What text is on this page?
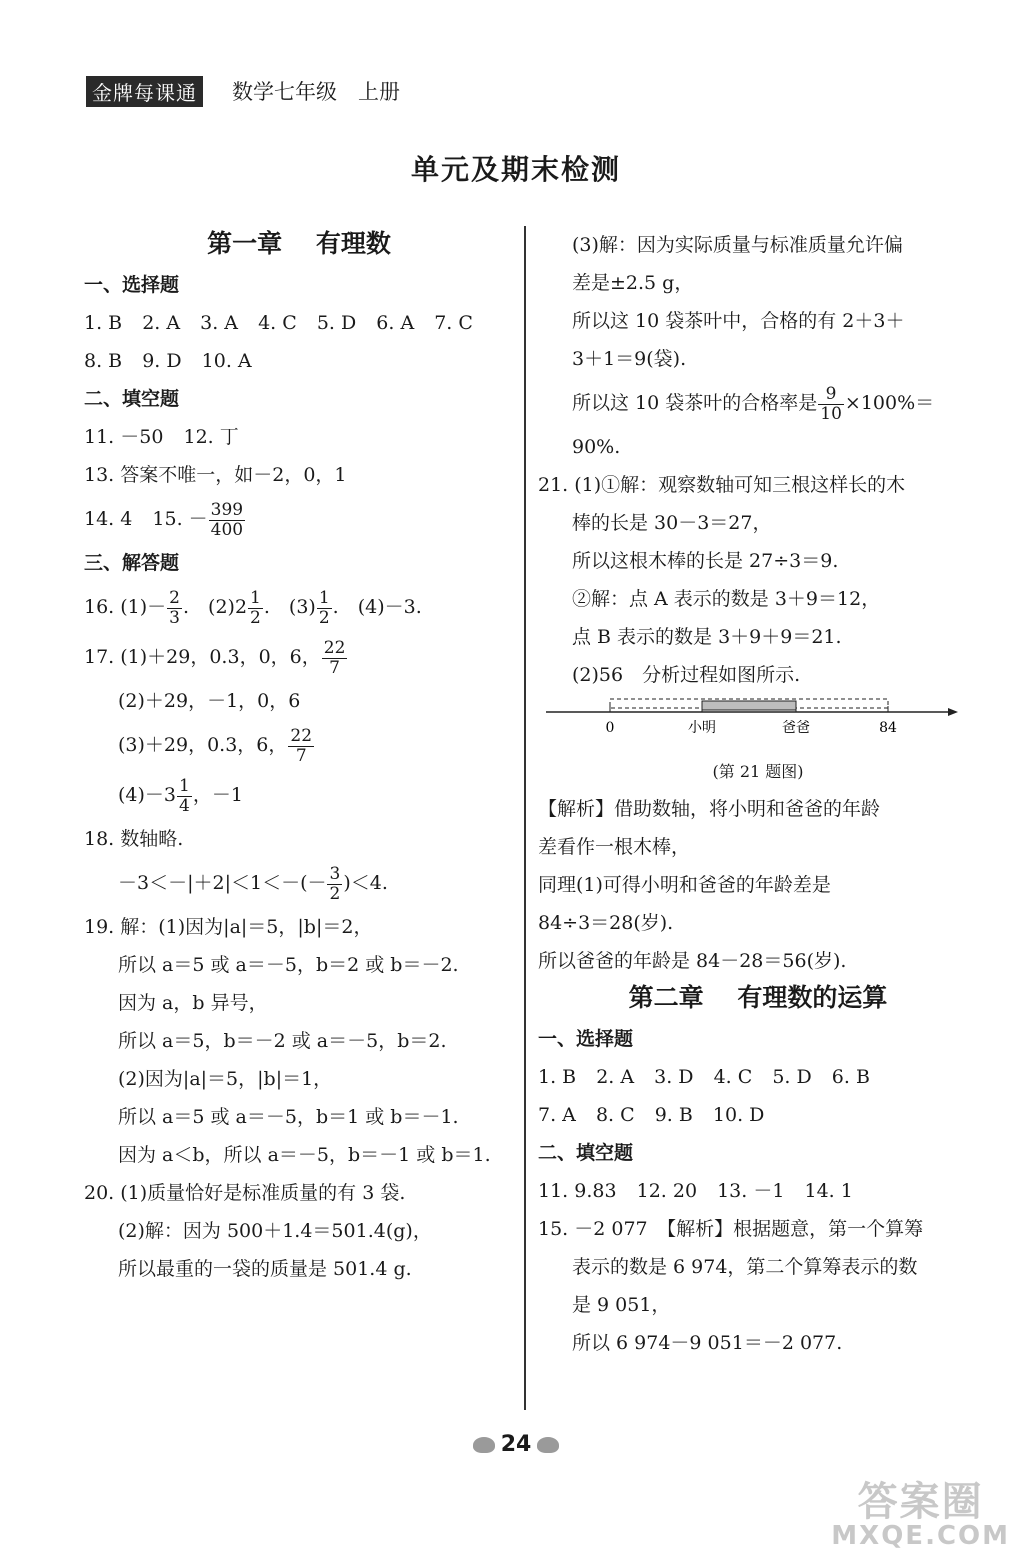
金牌每课通 数学七年级　上册
单元及期末检测
第一章　 有理数
一、选择题
1. B 2. A 3. A 4. C 5. D 6. A 7. C
8. B 9. D 10. A
二、填空题
11. －50 12. 丁
13. 答案不唯一，如－2，0，1
14. 4 15. － $\frac{399}{400}$
三、解答题
16. $(1)- \frac{2}{3}$ .　$(2)2 \frac{1}{2}$ .　$(3) \frac{1}{2}$ .　(4)－3.
17. (1)＋29，0.3，0，6， $\frac{22}{7}$
(2)＋29，－1，0，6
(3)＋29，0.3，6， $\frac{22}{7}$
$(4)-3 \frac{1}{4}$ ，－1
18. 数轴略.
$-3<-|+2|<1<-(- \frac{3}{2} )<4$.
19. 解：(1)因为|a|＝5，|b|＝2，
所以 a＝5 或 a＝－5，b＝2 或 b＝－2.
因为 a，b 异号，
所以 a＝5，b＝－2 或 a＝－5，b＝2.
(2)因为|a|＝5，|b|＝1，
所以 a＝5 或 a＝－5，b＝1 或 b＝－1.
因为 a＜b，所以 a＝－5，b＝－1 或 b＝1.
20. (1)质量恰好是标准质量的有 3 袋.
(2)解：因为 500＋1.4＝501.4(g)，
所以最重的一袋的质量是 501.4 g.
(3)解：因为实际质量与标准质量允许偏
差是±2.5 g，
所以这 10 袋茶叶中，合格的有 2＋3＋
3＋1＝9(袋).
所以这 10 袋茶叶的合格率是 $\frac{9}{10} \times 100\%=$
90%.
21. (1)①解：观察数轴可知三根这样长的木
棒的长是 30－3＝27，
所以这根木棒的长是 27÷3＝9.
②解：点 A 表示的数是 3＋9＝12，
点 B 表示的数是 3＋9＋9＝21.
(2)56　分析过程如图所示.
0	小明	爸爸	84
(第 21 题图)
【解析】借助数轴，将小明和爸爸的年龄
差看作一根木棒，
同理(1)可得小明和爸爸的年龄差是
84÷3＝28(岁).
所以爸爸的年龄是 84－28＝56(岁).
第二章　 有理数的运算
一、选择题
1. B 2. A 3. D 4. C 5. D 6. B
7. A 8. C 9. B 10. D
二、填空题
11. 9.83 12. 20 13. －1 14. 1
15. －2 077　【解析】根据题意，第一个算筹
表示的数是 6 974，第二个算筹表示的数
是 9 051，
所以 6 974－9 051＝－2 077.
24
答案圈
MXQE.COM
